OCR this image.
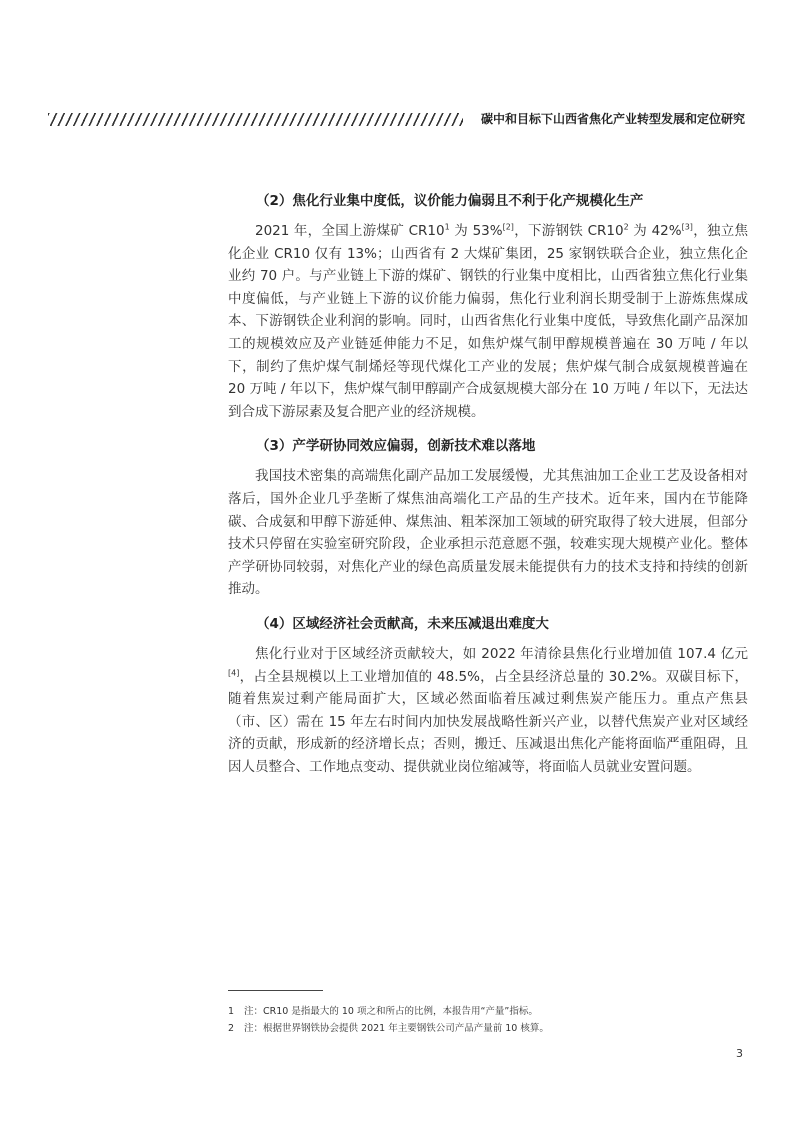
碳中和目标下山西省焦化产业转型发展和定位研究
（2）焦化行业集中度低，议价能力偏弱且不利于化产规模化生产

2021 年，全国上游煤矿 $CR10^1$ 为 53%[2]，下游钢铁 $CR10^2$ 为 42%[3]，独立焦化企业 CR10 仅有 13%；山西省有 2 大煤矿集团，25 家钢铁联合企业，独立焦化企业约 70 户。与产业链上下游的煤矿、钢铁的行业集中度相比，山西省独立焦化行业集中度偏低，与产业链上下游的议价能力偏弱，焦化行业利润长期受制于上游炼焦煤成本、下游钢铁企业利润的影响。同时，山西省焦化行业集中度低，导致焦化副产品深加工的规模效应及产业链延伸能力不足，如焦炉煤气制甲醇规模普遍在 30 万吨 / 年以下，制约了焦炉煤气制烯烃等现代煤化工产业的发展；焦炉煤气制合成氨规模普遍在 20 万吨 / 年以下，焦炉煤气制甲醇副产合成氨规模大部分在 10 万吨 / 年以下，无法达到合成下游尿素及复合肥产业的经济规模。

（3）产学研协同效应偏弱，创新技术难以落地

我国技术密集的高端焦化副产品加工发展缓慢，尤其焦油加工企业工艺及设备相对落后，国外企业几乎垄断了煤焦油高端化工产品的生产技术。近年来，国内在节能降碳、合成氨和甲醇下游延伸、煤焦油、粗苯深加工领域的研究取得了较大进展，但部分技术只停留在实验室研究阶段，企业承担示范意愿不强，较难实现大规模产业化。整体产学研协同较弱，对焦化产业的绿色高质量发展未能提供有力的技术支持和持续的创新推动。

（4）区域经济社会贡献高，未来压减退出难度大

焦化行业对于区域经济贡献较大，如 2022 年清徐县焦化行业增加值 107.4 亿元[4]，占全县规模以上工业增加值的 48.5%，占全县经济总量的 30.2%。双碳目标下，随着焦炭过剩产能局面扩大，区域必然面临着压减过剩焦炭产能压力。重点产焦县（市、区）需在 15 年左右时间内加快发展战略性新兴产业，以替代焦炭产业对区域经济的贡献，形成新的经济增长点；否则，搬迁、压减退出焦化产能将面临严重阻碍，且因人员整合、工作地点变动、提供就业岗位缩减等，将面临人员就业安置问题。

1	注：CR10 是指最大的 10 项之和所占的比例，本报告用“产量”指标。
2	注：根据世界钢铁协会提供 2021 年主要钢铁公司产品产量前 10 核算。
3
